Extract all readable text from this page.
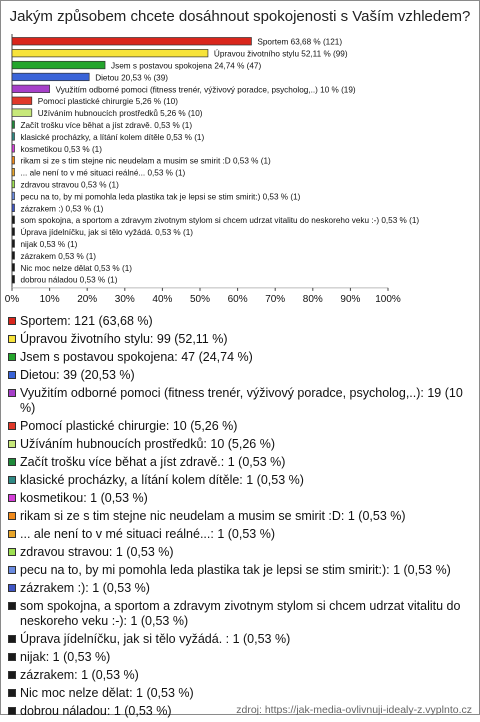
Jakým způsobem chcete dosáhnout spokojenosti s Vaším vzhledem?
Sportem 63,68 % (121)
Úpravou životního stylu 52,11 % (99)
Jsem s postavou spokojena 24,74 % (47)
Dietou 20,53 % (39)
Využitím odborné pomoci (fitness trenér, výživový poradce, psycholog,..) 10 % (19)
Pomocí plastické chirurgie 5,26 % (10)
Užíváním hubnoucích prostředků 5,26 % (10)
Začít trošku více běhat a jíst zdravě. 0,53 % (1)
klasické procházky, a lítání kolem dítěle 0,53 % (1)
kosmetikou 0,53 % (1)
rikam si ze s tim stejne nic neudelam a musim se smirit :D 0,53 % (1)
... ale není to v mé situaci reálné... 0,53 % (1)
zdravou stravou 0,53 % (1)
pecu na to, by mi pomohla leda plastika tak je lepsi se stim smirit:) 0,53 % (1)
zázrakem :) 0,53 % (1)
som spokojna, a sportom a zdravym zivotnym stylom si chcem udrzat vitalitu do neskoreho veku :-) 0,53 % (1)
Úprava jídelníčku, jak si tělo vyžádá. 0,53 % (1)
nijak 0,53 % (1)
zázrakem 0,53 % (1)
Nic moc nelze dělat 0,53 % (1)
dobrou náladou 0,53 % (1)
0% 10% 20% 30% 40% 50% 60% 70% 80% 90% 100%
Sportem: 121 (63,68 %)
Úpravou životního stylu: 99 (52,11 %)
Jsem s postavou spokojena: 47 (24,74 %)
Dietou: 39 (20,53 %)
Využitím odborné pomoci (fitness trenér, výživový poradce, psycholog,..): 19 (10 %)
Pomocí plastické chirurgie: 10 (5,26 %)
Užíváním hubnoucích prostředků: 10 (5,26 %)
Začít trošku více běhat a jíst zdravě.: 1 (0,53 %)
klasické procházky, a lítání kolem dítěle: 1 (0,53 %)
kosmetikou: 1 (0,53 %)
rikam si ze s tim stejne nic neudelam a musim se smirit :D: 1 (0,53 %)
... ale není to v mé situaci reálné...: 1 (0,53 %)
zdravou stravou: 1 (0,53 %)
pecu na to, by mi pomohla leda plastika tak je lepsi se stim smirit:): 1 (0,53 %)
zázrakem :): 1 (0,53 %)
som spokojna, a sportom a zdravym zivotnym stylom si chcem udrzat vitalitu do neskoreho veku :-): 1 (0,53 %)
Úprava jídelníčku, jak si tělo vyžádá. : 1 (0,53 %)
nijak: 1 (0,53 %)
zázrakem: 1 (0,53 %)
Nic moc nelze dělat: 1 (0,53 %)
dobrou náladou: 1 (0,53 %)	zdroj: https://jak-media-ovlivnuji-idealy-z.vyplnto.cz
